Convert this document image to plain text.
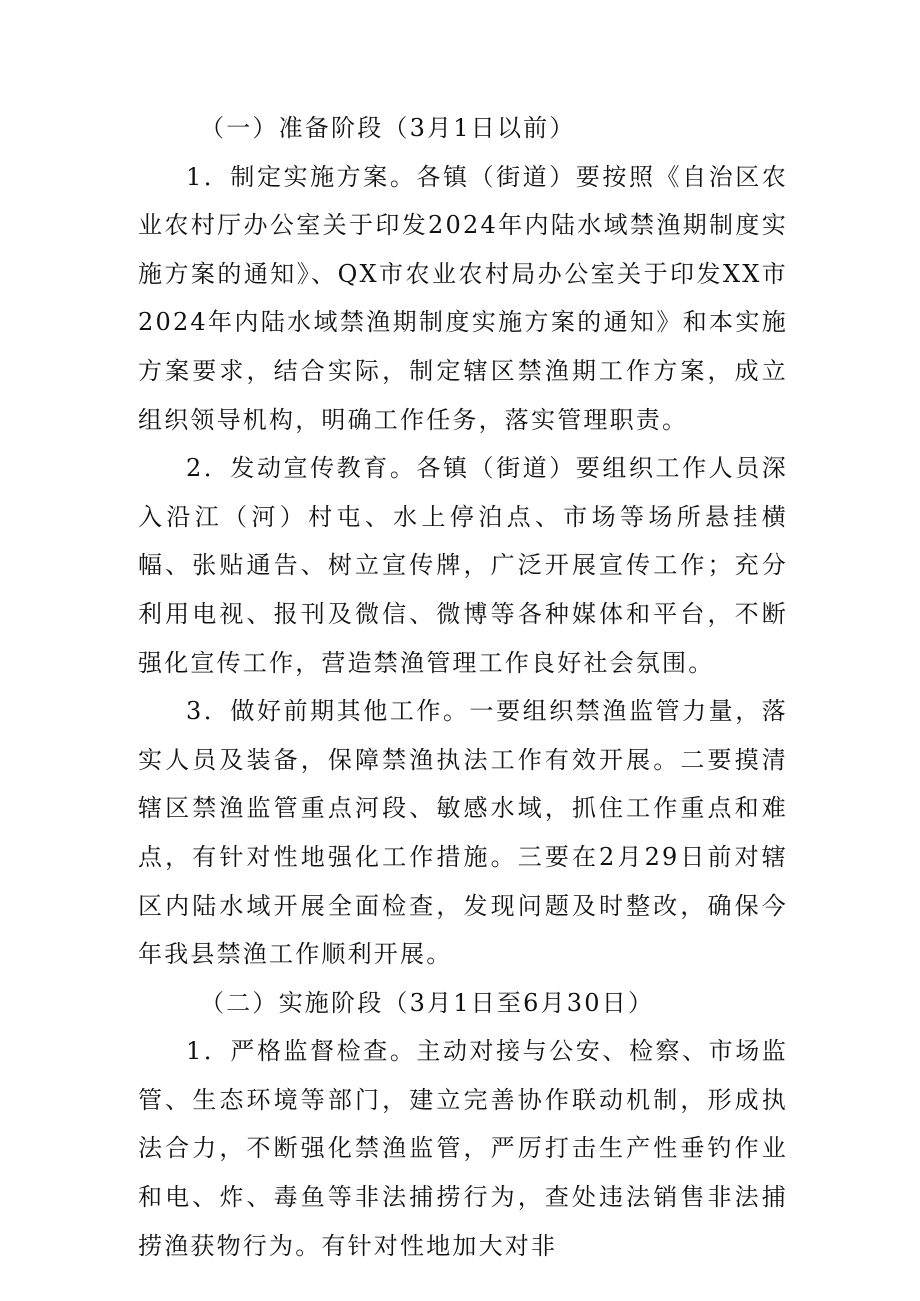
（一）准备阶段（3月1日以前）

1．制定实施方案。各镇（街道）要按照《自治区农业农村厅办公室关于印发2024年内陆水域禁渔期制度实施方案的通知》、QX市农业农村局办公室关于印发XX市2024年内陆水域禁渔期制度实施方案的通知》和本实施方案要求，结合实际，制定辖区禁渔期工作方案，成立组织领导机构，明确工作任务，落实管理职责。

2．发动宣传教育。各镇（街道）要组织工作人员深入沿江（河）村屯、水上停泊点、市场等场所悬挂横幅、张贴通告、树立宣传牌，广泛开展宣传工作；充分利用电视、报刊及微信、微博等各种媒体和平台，不断强化宣传工作，营造禁渔管理工作良好社会氛围。

3．做好前期其他工作。一要组织禁渔监管力量，落实人员及装备，保障禁渔执法工作有效开展。二要摸清辖区禁渔监管重点河段、敏感水域，抓住工作重点和难点，有针对性地强化工作措施。三要在2月29日前对辖区内陆水域开展全面检查，发现问题及时整改，确保今年我县禁渔工作顺利开展。

（二）实施阶段（3月1日至6月30日）

1．严格监督检查。主动对接与公安、检察、市场监管、生态环境等部门，建立完善协作联动机制，形成执法合力，不断强化禁渔监管，严厉打击生产性垂钓作业和电、炸、毒鱼等非法捕捞行为，查处违法销售非法捕捞渔获物行为。有针对性地加大对非
